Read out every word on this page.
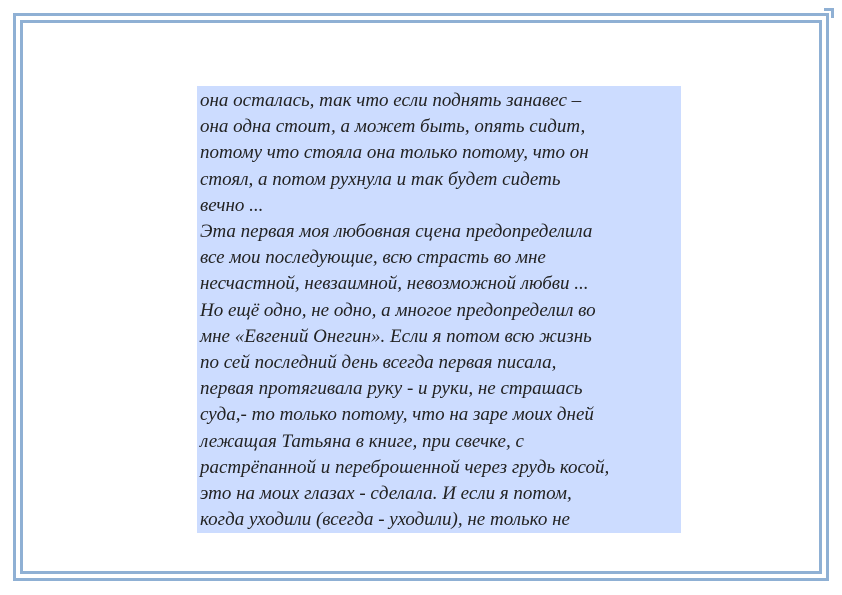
она осталась, так что если поднять занавес –
она одна стоит, а может быть, опять сидит,
потому что стояла она только потому, что он
стоял, а потом рухнула и так будет сидеть
вечно ...
Эта первая моя любовная сцена предопределила
все мои последующие, всю страсть во мне
несчастной, невзаимной, невозможной любви ...
Но ещё одно, не одно, а многое предопределил во
мне «Евгений Онегин». Если я потом всю жизнь
по сей последний день всегда первая писала,
первая протягивала руку - и руки, не страшась
суда,- то только потому, что на заре моих дней
лежащая Татьяна в книге, при свечке, с
растрёпанной и переброшенной через грудь косой,
это на моих глазах - сделала. И если я потом,
когда уходили (всегда - уходили), не только не
